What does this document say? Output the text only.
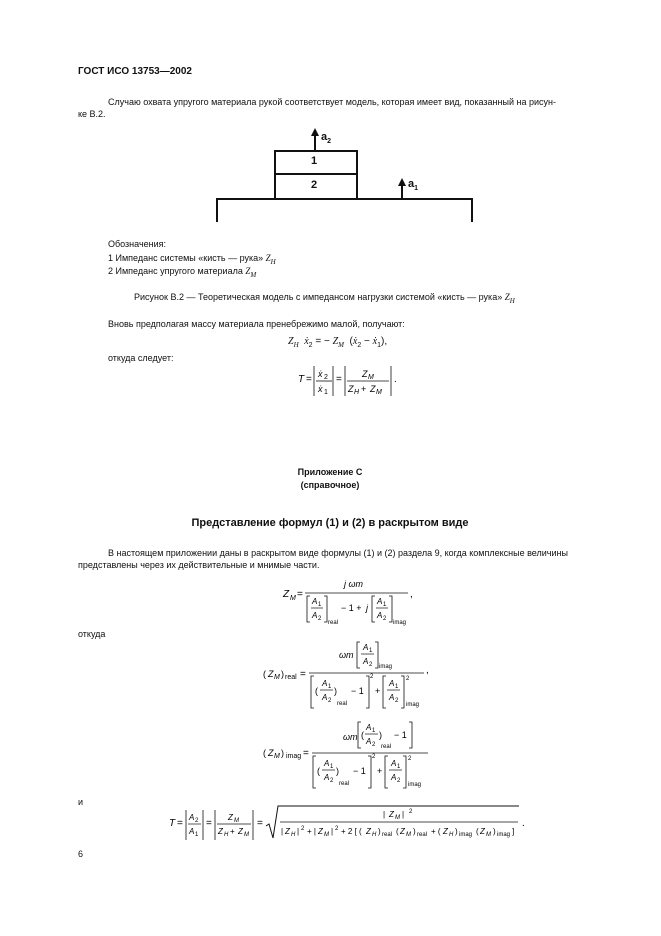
ГОСТ ИСО 13753—2002
Случаю охвата упругого материала рукой соответствует модель, которая имеет вид, показанный на рисун-
ке В.2.
1
2
$a_2$
$a_1$
Обозначения:
1 Импеданс системы «кисть — рука» $Z_H$
2 Импеданс упругого материала $Z_M$
Рисунок В.2 — Теоретическая модель с импедансом нагрузки системой «кисть — рука» $Z_H$
Вновь предполагая массу материала пренебрежимо малой, получают:
$Z_H$ $ẋ_2$ = − $Z_M$  ($ẋ_2$ − $ẋ_1$),
откуда следует:
T = ẋ 2
ẋ 1
= Z M
Z H + Z M
.
Приложение С
(справочное)
Представление формул (1) и (2) в раскрытом виде
В настоящем приложении даны в раскрытом виде формулы (1) и (2) раздела 9, когда комплексные величины
представлены через их действительные и мнимые части.
Z M =
j ωm
A 1
A 2
real
− 1 + j
A 1
A 2
imag
,
откуда
( Z M ) real =
ωm
A 1
A 2 imag
(
A 1
A 2
)
real
− 1
2
+
A 1
A 2
2
imag
,
( Z M ) imag =
ωm (
A 1
A 2
)
real
− 1
(
A 1
A 2
)
real
− 1
2
+
A 1
A 2
2
imag
и
T =
A 2
A 1
=
Z M
Z H + Z M
=
| Z M | 2
| Z H | 2 + | Z M | 2 + 2 [ ( Z H ) real ( Z M ) real + ( Z H ) imag ( Z M ) imag ]
.
6
